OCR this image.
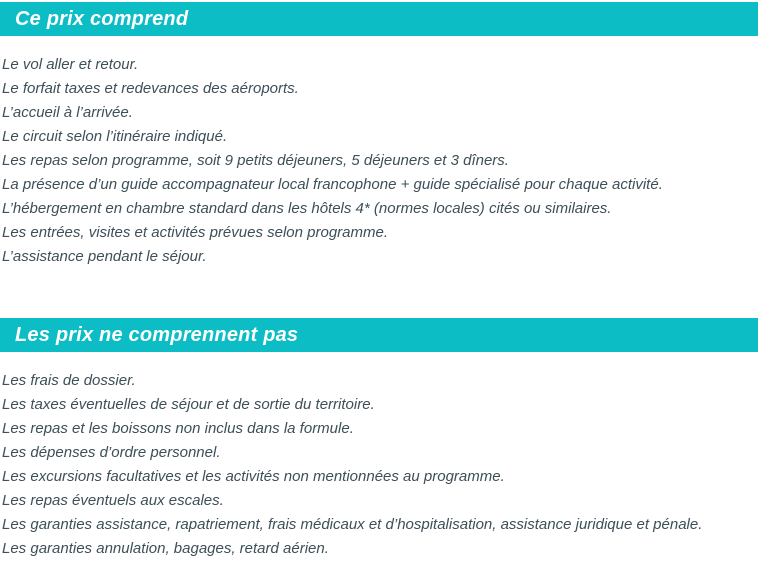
Ce prix comprend
Le vol aller et retour.
Le forfait taxes et redevances des aéroports.
L’accueil à l’arrivée.
Le circuit selon l’itinéraire indiqué.
Les repas selon programme, soit 9 petits déjeuners, 5 déjeuners et 3 dîners.
La présence d’un guide accompagnateur local francophone + guide spécialisé pour chaque activité.
L’hébergement en chambre standard dans les hôtels 4* (normes locales) cités ou similaires.
Les entrées, visites et activités prévues selon programme.
L’assistance pendant le séjour.
Les prix ne comprennent pas
Les frais de dossier.
Les taxes éventuelles de séjour et de sortie du territoire.
Les repas et les boissons non inclus dans la formule.
Les dépenses d’ordre personnel.
Les excursions facultatives et les activités non mentionnées au programme.
Les repas éventuels aux escales.
Les garanties assistance, rapatriement, frais médicaux et d’hospitalisation, assistance juridique et pénale.
Les garanties annulation, bagages, retard aérien.
